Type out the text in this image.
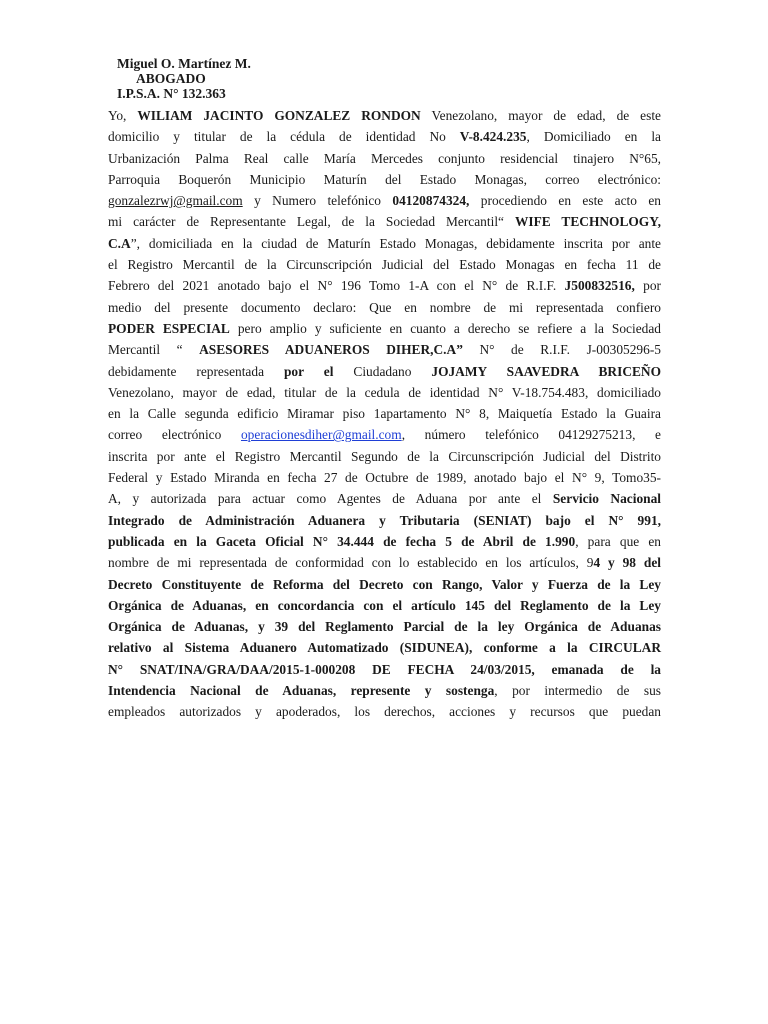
Miguel O. Martínez M.
ABOGADO
I.P.S.A. N° 132.363
Yo, WILIAM JACINTO GONZALEZ RONDON Venezolano, mayor de edad, de este
domicilio y titular de la cédula de identidad No V-8.424.235, Domiciliado en la
Urbanización Palma Real calle María Mercedes conjunto residencial tinajero N°65,
Parroquia Boquerón Municipio Maturín del Estado Monagas, correo electrónico:
gonzalezrwj@gmail.com y Numero telefónico 04120874324, procediendo en este acto en
mi carácter de Representante Legal, de la Sociedad Mercantil“ WIFE TECHNOLOGY,
C.A”, domiciliada en la ciudad de Maturín Estado Monagas, debidamente inscrita por ante
el Registro Mercantil de la Circunscripción Judicial del Estado Monagas en fecha 11 de
Febrero del 2021 anotado bajo el N° 196 Tomo 1-A con el N° de R.I.F. J500832516, por
medio del presente documento declaro: Que en nombre de mi representada confiero
PODER ESPECIAL pero amplio y suficiente en cuanto a derecho se refiere a la Sociedad
Mercantil “ ASESORES ADUANEROS DIHER,C.A” N° de R.I.F. J-00305296-5
debidamente representada por el Ciudadano JOJAMY SAAVEDRA BRICEÑO
Venezolano, mayor de edad, titular de la cedula de identidad N° V-18.754.483, domiciliado
en la Calle segunda edificio Miramar piso 1apartamento N° 8, Maiquetía Estado la Guaira
correo electrónico operacionesdiher@gmail.com, número telefónico 04129275213, e
inscrita por ante el Registro Mercantil Segundo de la Circunscripción Judicial del Distrito
Federal y Estado Miranda en fecha 27 de Octubre de 1989, anotado bajo el N° 9, Tomo35-
A, y autorizada para actuar como Agentes de Aduana por ante el Servicio Nacional
Integrado de Administración Aduanera y Tributaria (SENIAT) bajo el N° 991,
publicada en la Gaceta Oficial N° 34.444 de fecha 5 de Abril de 1.990, para que en
nombre de mi representada de conformidad con lo establecido en los artículos, 94 y 98 del
Decreto Constituyente de Reforma del Decreto con Rango, Valor y Fuerza de la Ley
Orgánica de Aduanas, en concordancia con el artículo 145 del Reglamento de la Ley
Orgánica de Aduanas, y 39 del Reglamento Parcial de la ley Orgánica de Aduanas
relativo al Sistema Aduanero Automatizado (SIDUNEA), conforme a la CIRCULAR
N° SNAT/INA/GRA/DAA/2015-1-000208 DE FECHA 24/03/2015, emanada de la
Intendencia Nacional de Aduanas, represente y sostenga, por intermedio de sus
empleados autorizados y apoderados, los derechos, acciones y recursos que puedan
